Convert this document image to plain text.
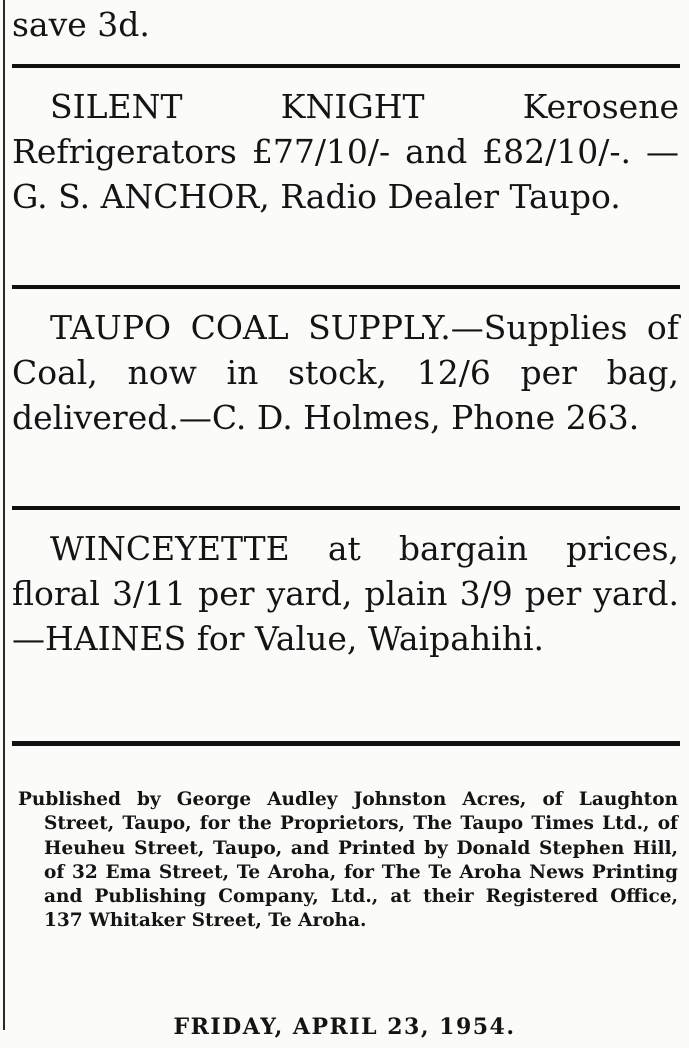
save 3d.
SILENT KNIGHT Kerosene Refrigerators £77/10/- and £82/10/-. —G. S. ANCHOR, Radio Dealer Taupo.
TAUPO COAL SUPPLY.—Supplies of Coal, now in stock, 12/6 per bag, delivered.—C. D. Holmes, Phone 263.
WINCEYETTE at bargain prices, floral 3/11 per yard, plain 3/9 per yard.—HAINES for Value, Waipahihi.
Published by George Audley Johnston Acres, of Laughton Street, Taupo, for the Proprietors, The Taupo Times Ltd., of Heuheu Street, Taupo, and Printed by Donald Stephen Hill, of 32 Ema Street, Te Aroha, for The Te Aroha News Printing and Publishing Company, Ltd., at their Registered Office, 137 Whitaker Street, Te Aroha.
FRIDAY, APRIL 23, 1954.
